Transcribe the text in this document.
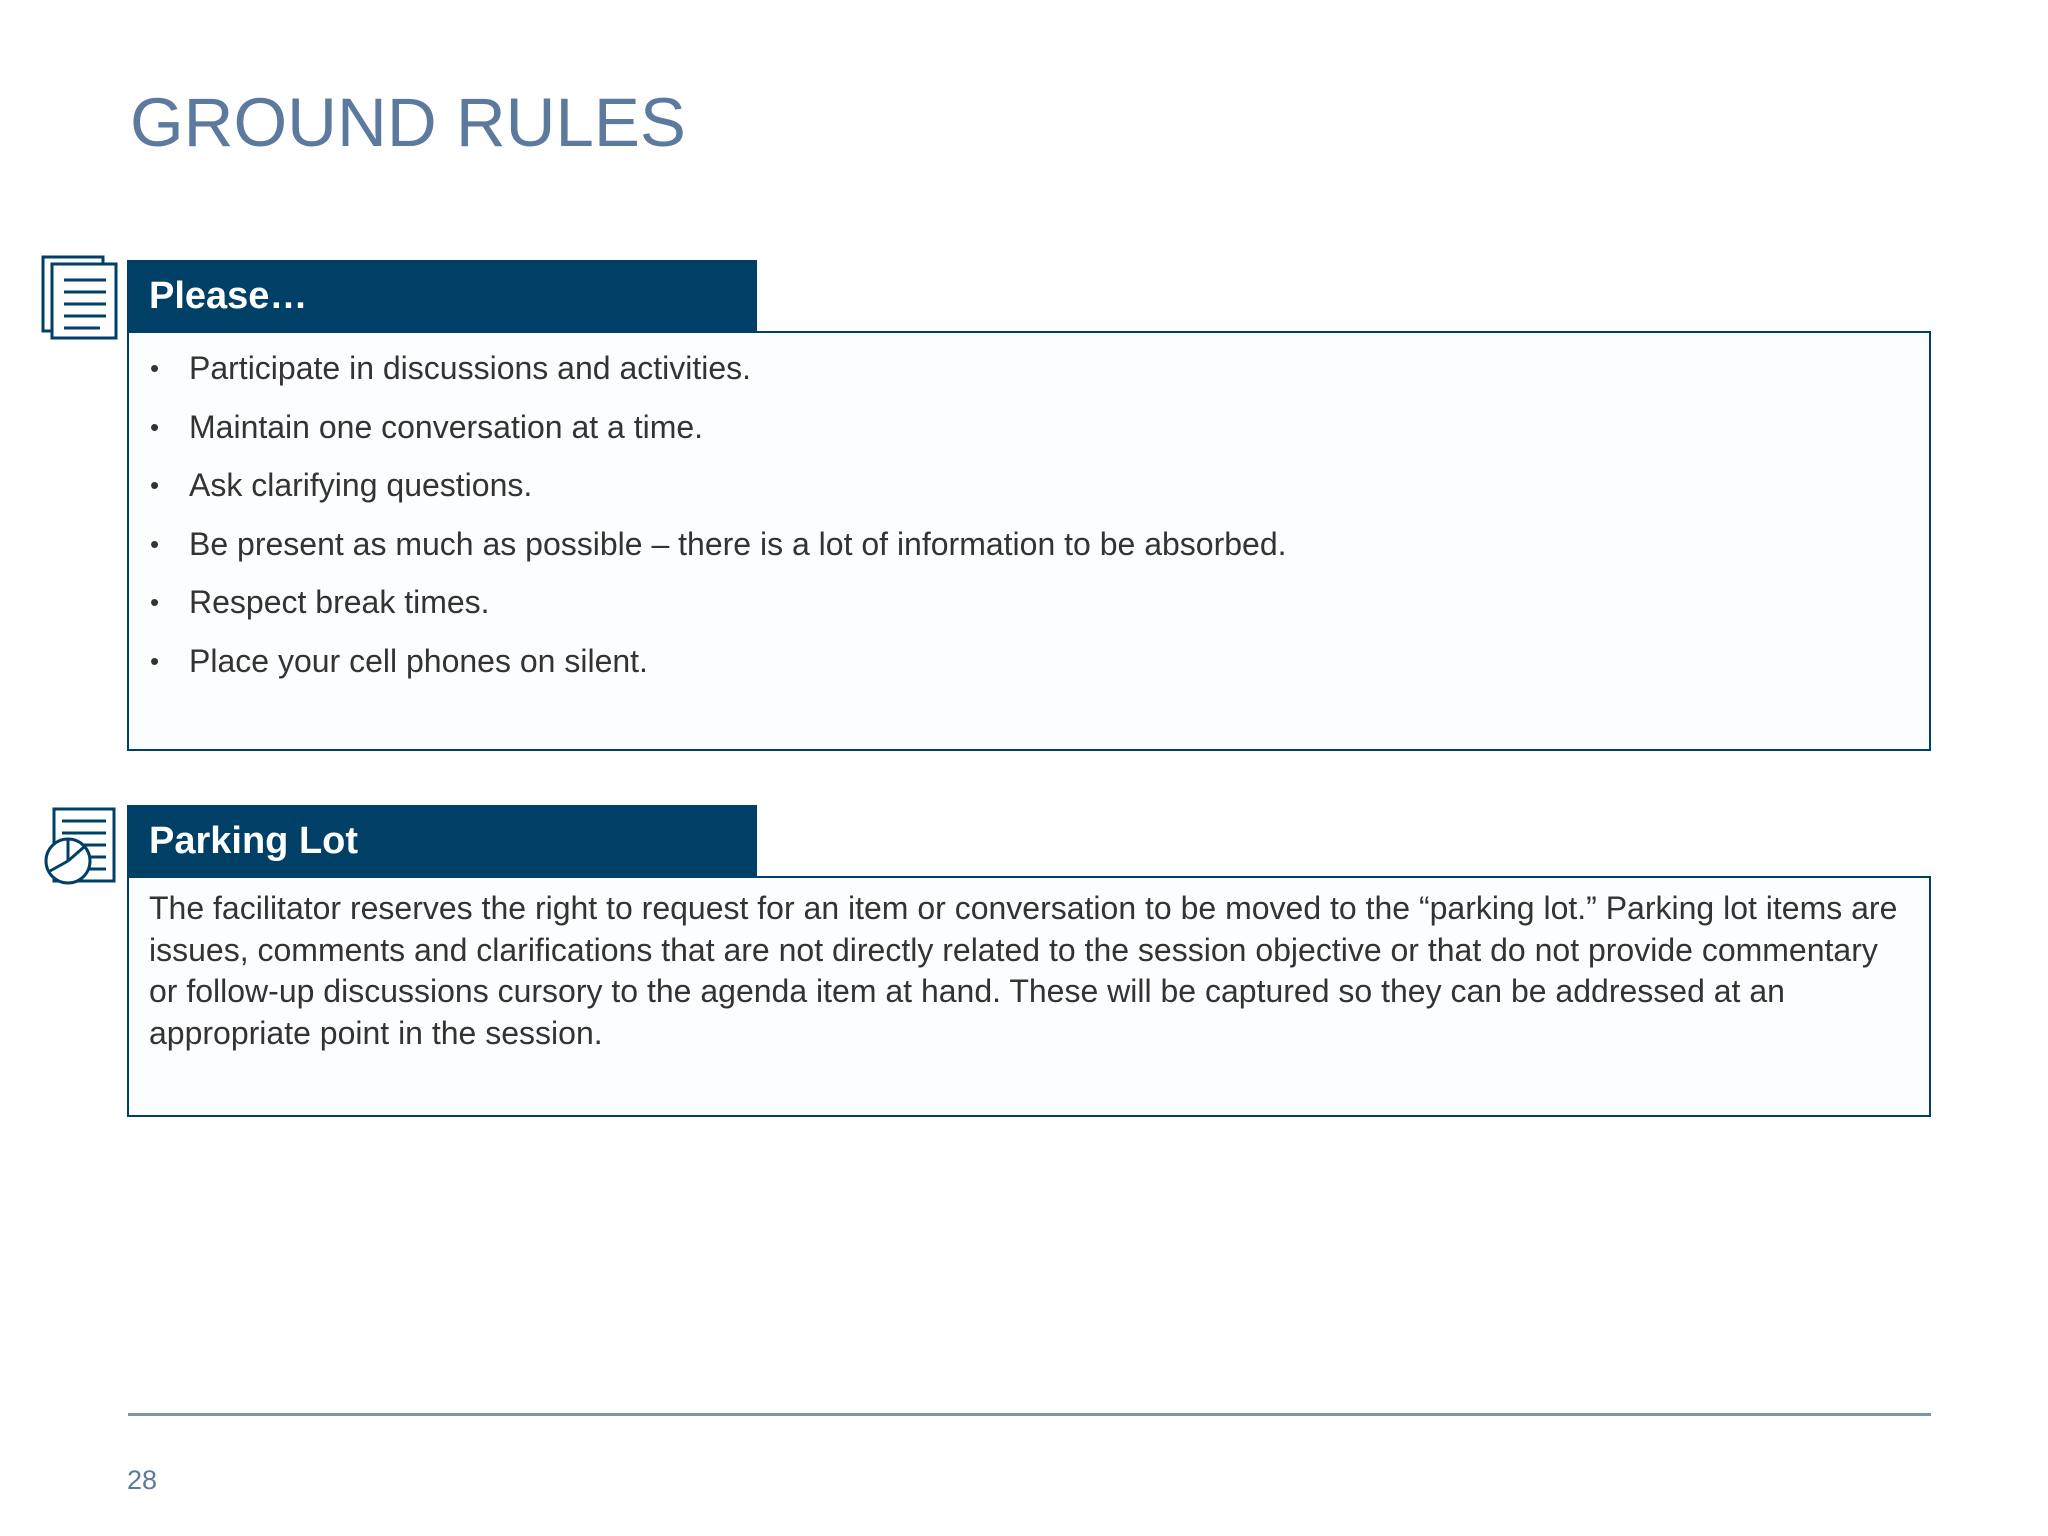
GROUND RULES
Please…
• Participate in discussions and activities.
• Maintain one conversation at a time.
• Ask clarifying questions.
• Be present as much as possible – there is a lot of information to be absorbed.
• Respect break times.
• Place your cell phones on silent.
Parking Lot

The facilitator reserves the right to request for an item or conversation to be moved to the “parking lot.” Parking lot items are issues, comments and clarifications that are not directly related to the session objective or that do not provide commentary or follow-up discussions cursory to the agenda item at hand. These will be captured so they can be addressed at an appropriate point in the session.

28
